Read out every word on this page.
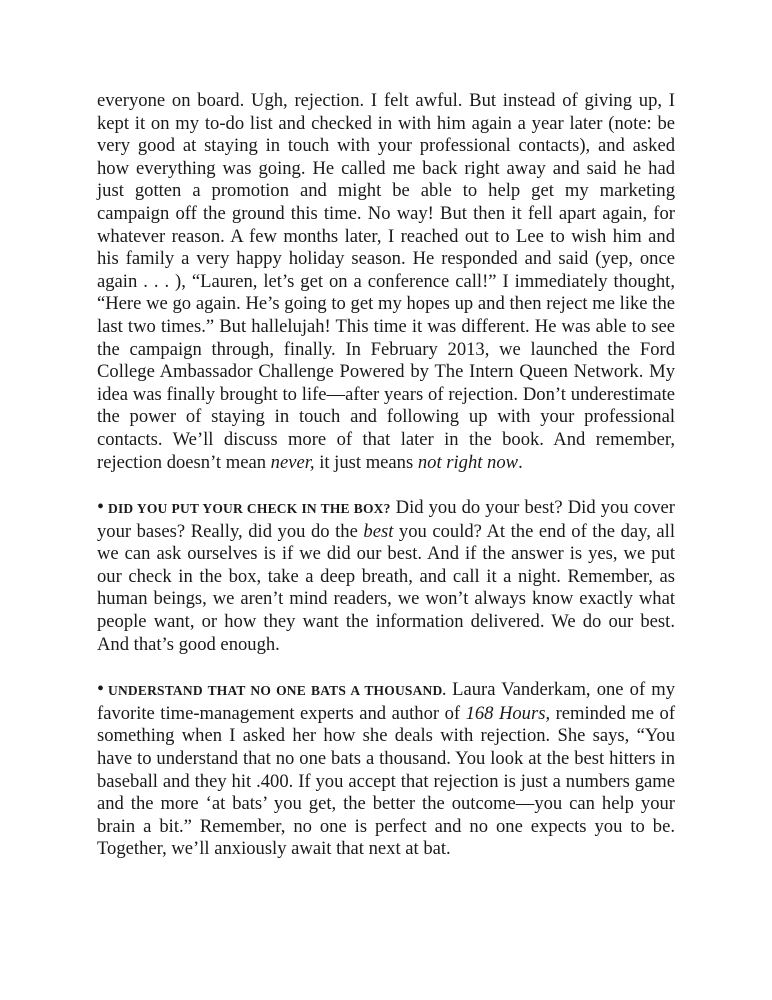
everyone on board. Ugh, rejection. I felt awful. But instead of giving up, I kept it on my to-do list and checked in with him again a year later (note: be very good at staying in touch with your professional contacts), and asked how everything was going. He called me back right away and said he had just gotten a promotion and might be able to help get my marketing campaign off the ground this time. No way! But then it fell apart again, for whatever reason. A few months later, I reached out to Lee to wish him and his family a very happy holiday season. He responded and said (yep, once again . . . ), “Lauren, let’s get on a conference call!” I immediately thought, “Here we go again. He’s going to get my hopes up and then reject me like the last two times.” But hallelujah! This time it was different. He was able to see the campaign through, finally. In February 2013, we launched the Ford College Ambassador Challenge Powered by The Intern Queen Network. My idea was finally brought to life—after years of rejection. Don’t underestimate the power of staying in touch and following up with your professional contacts. We’ll discuss more of that later in the book. And remember, rejection doesn’t mean never, it just means not right now.

• DID YOU PUT YOUR CHECK IN THE BOX? Did you do your best? Did you cover your bases? Really, did you do the best you could? At the end of the day, all we can ask ourselves is if we did our best. And if the answer is yes, we put our check in the box, take a deep breath, and call it a night. Remember, as human beings, we aren’t mind readers, we won’t always know exactly what people want, or how they want the information delivered. We do our best. And that’s good enough.

• UNDERSTAND THAT NO ONE BATS A THOUSAND. Laura Vanderkam, one of my favorite time-management experts and author of 168 Hours, reminded me of something when I asked her how she deals with rejection. She says, “You have to understand that no one bats a thousand. You look at the best hitters in baseball and they hit .400. If you accept that rejection is just a numbers game and the more ‘at bats’ you get, the better the outcome—you can help your brain a bit.” Remember, no one is perfect and no one expects you to be. Together, we’ll anxiously await that next at bat.
